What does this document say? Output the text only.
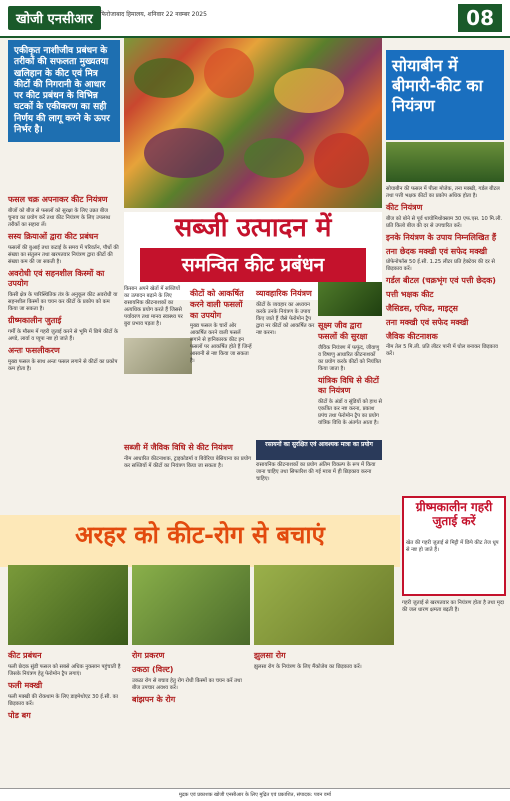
खोजी एनसीआर	फिरोजाबाद हिमालय, शनिवार 22 नवम्बर 2025	08
एकीकृत नाशीजीव प्रबंधन के तरीकों की सफलता मुख्यतया खलिहान के कीट एवं मित्र कीटों की निगरानी के आधार पर कीट प्रबंधन के विभिन्न घटकों के एकीकरण का सही निर्णय की लागू करने के ऊपर निर्भर है।
फसल चक्र अपनाकर कीट नियंत्रण

बीजों को बीज से फसलों को सुरक्षा के लिए उन्नत बीज चुनाव का प्रयोग करें तथा कीट नियंत्रण के लिए उपलब्ध तरीकों का सहारा लें।

सस्य क्रियाओं द्वारा कीट प्रबंधन

फसलों की बुआई तथा कटाई के समय में परिवर्तन, पौधों की संख्या का संतुलन तथा खरपतवार नियंत्रण द्वारा कीटों की संख्या कम की जा सकती है।

अवरोधी एवं सहनशील किस्मों का उपयोग

किसी क्षेत्र के पारिस्थितिक तंत्र के अनुकूल कीट अवरोधी या सहनशील किस्मों का चयन कर कीटों के प्रकोप को कम किया जा सकता है।

ग्रीष्मकालीन जुताई

गर्मी के मौसम में गहरी जुताई करने से भूमि में छिपे कीटों के अण्डे, लार्वा व प्यूपा नष्ट हो जाते हैं।

अन्तः फसलीकरण

मुख्य फसल के साथ अन्तः फसल लगाने से कीटों का प्रकोप कम होता है।

सब्जी उत्पादन में
समन्वित कीट प्रबंधन
सोयाबीन में बीमारी-कीट का नियंत्रण

किसान अपने खेतों में सब्जियों का उत्पादन बढ़ाने के लिए रासायनिक कीटनाशकों का अत्यधिक प्रयोग करते हैं जिससे पर्यावरण तथा मानव स्वास्थ्य पर बुरा प्रभाव पड़ता है।

कीटों को आकर्षित करने वाली फसलों का उपयोग

मुख्य फसल के चारों ओर आकर्षित करने वाली फसलें लगाने से हानिकारक कीट इन फसलों पर आकर्षित होते हैं जिन्हें आसानी से नष्ट किया जा सकता है।

व्यावहारिक नियंत्रण

कीटों के व्यवहार का अध्ययन करके उनके नियंत्रण के उपाय किए जाते हैं जैसे फेरोमोन ट्रैप द्वारा नर कीटों को आकर्षित कर नष्ट करना।

सूक्ष्म जीव द्वारा फसलों की सुरक्षा

जैविक नियंत्रण में फफूंद, जीवाणु व विषाणु आधारित कीटनाशकों का प्रयोग करके कीटों को नियंत्रित किया जाता है।

यांत्रिक विधि से कीटों का नियंत्रण

कीटों के अंडों व सुंडियों को हाथ से एकत्रित कर नष्ट करना, प्रकाश प्रपंच तथा फेरोमोन ट्रैप का प्रयोग यांत्रिक विधि के अंतर्गत आता है।

सब्जी में जैविक विधि से कीट नियंत्रण

नीम आधारित कीटनाशक, ट्राइकोडर्मा व बिवेरिया बेसियाना का प्रयोग कर सब्जियों में कीटों का नियंत्रण किया जा सकता है।

रसायनों का सुरक्षित एवं आवश्यक मात्रा का प्रयोग

रासायनिक कीटनाशकों का प्रयोग अंतिम विकल्प के रूप में किया जाना चाहिए तथा सिफारिश की गई मात्रा में ही छिड़काव करना चाहिए।

सोयाबीन की फसल में पीला मोजेक, तना मक्खी, गर्डल बीटल तथा पत्ती भक्षक कीटों का प्रकोप अधिक होता है।

कीट नियंत्रण

बीज को बोने से पूर्व थायोमिथोक्साम 30 एफ.एस. 10 मि.ली. प्रति किलो बीज की दर से उपचारित करें।

इनके नियंत्रण के उपाय निम्नलिखित हैं
तना छेदक मक्खी एवं सफेद मक्खी

प्रोफेनोफॉस 50 ई.सी. 1.25 लीटर प्रति हेक्टेयर की दर से छिड़काव करें।

गर्डल बीटल (चक्रभृंग एवं पत्ती छेदक)
पत्ती भक्षक कीट
जैसिडस, एफिड, माइट्स
तना मक्खी एवं सफेद मक्खी
जैविक कीटनाशक

नीम तेल 5 मि.ली. प्रति लीटर पानी में घोल बनाकर छिड़काव करें।

अरहर को कीट-रोग से बचाएं
कीट प्रबंधन

फली छेदक सुंडी फसल को सबसे अधिक नुकसान पहुंचाती है जिसके नियंत्रण हेतु फेरोमोन ट्रैप लगाएं।

फली मक्खी

फली मक्खी की रोकथाम के लिए डाइमेथोएट 30 ई.सी. का छिड़काव करें।

पोड बग
रोग प्रकरण
उकठा (विल्ट)

उकठा रोग से बचाव हेतु रोग रोधी किस्मों का चयन करें तथा बीज उपचार अवश्य करें।

बांझपन के रोग
झुलसा रोग

झुलसा रोग के नियंत्रण के लिए मैंकोजेब का छिड़काव करें।

ग्रीष्मकालीन गहरी जुताई करें

खेत की गहरी जुताई से मिट्टी में छिपे कीट तेज धूप से नष्ट हो जाते हैं।

गहरी जुताई से खरपतवार का नियंत्रण होता है तथा मृदा की जल धारण क्षमता बढ़ती है।

मुद्रक एवं प्रकाशक खोजी एनसीआर के लिए मुद्रित एवं प्रकाशित, संपादक: पवन वर्मा
